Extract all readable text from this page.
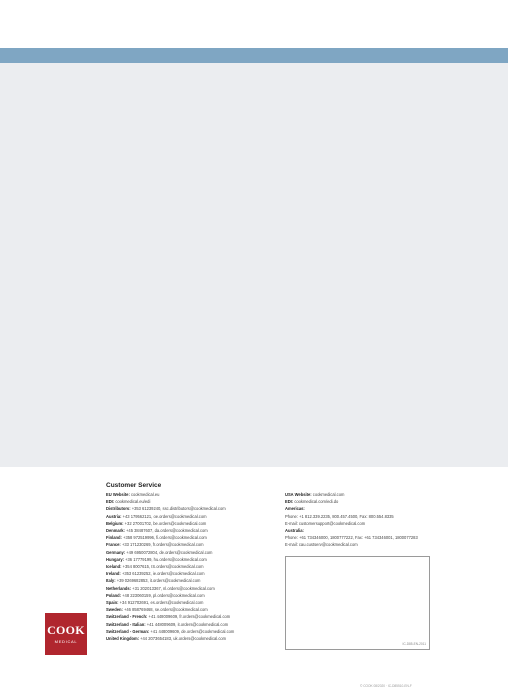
COOK
MEDICAL
Customer Service
EU Website: cookmedical.eu
EDI: cookmedical.eu/edi
Distributors: +353 61239240, ssc.distributors@cookmedical.com
Austria: +43 179562121, oe.orders@cookmedical.com
Belgium: +32 27001702, be.orders@cookmedical.com
Denmark: +45 38487607, da.orders@cookmedical.com
Finland: +358 972519996, fi.orders@cookmedical.com
France: +33 171230269, fr.orders@cookmedical.com
Germany: +49 6950072804, de.orders@cookmedical.com
Hungary: +36 17779199, hu.orders@cookmedical.com
Iceland: +354 8007615, IS.orders@cookmedical.com
Ireland: +353 61239252, ie.orders@cookmedical.com
Italy: +39 0269682853, it.orders@cookmedical.com
Netherlands: +31 202013367, nl.orders@cookmedical.com
Poland: +48 223060159, pl.orders@cookmedical.com
Spain: +34 912702691, es.orders@cookmedical.com
Sweden: +46 858769468, se.orders@cookmedical.com
Switzerland - French: +41 448009609, fr.orders@cookmedical.com
Switzerland - Italian: +41 448009609, it.orders@cookmedical.com
Switzerland - German: +41 448009609, de.orders@cookmedical.com
United Kingdom: +44 2073654183, uk.orders@cookmedical.com
USA Website: cookmedical.com
EDI: cookmedical.com/edi.do
Americas:
Phone: +1 812.339.2235, 800.457.4500, Fax: 800.554.8335
E-mail: customersupport@cookmedical.com
Australia:
Phone: +61 734346000, 1800777222, Fax: +61 734346001, 1800077283
E-mail: cau.custserv@cookmedical.com
IC-D85-EN-2011
© COOK 08/2020 · IC-D85510-EN-F
